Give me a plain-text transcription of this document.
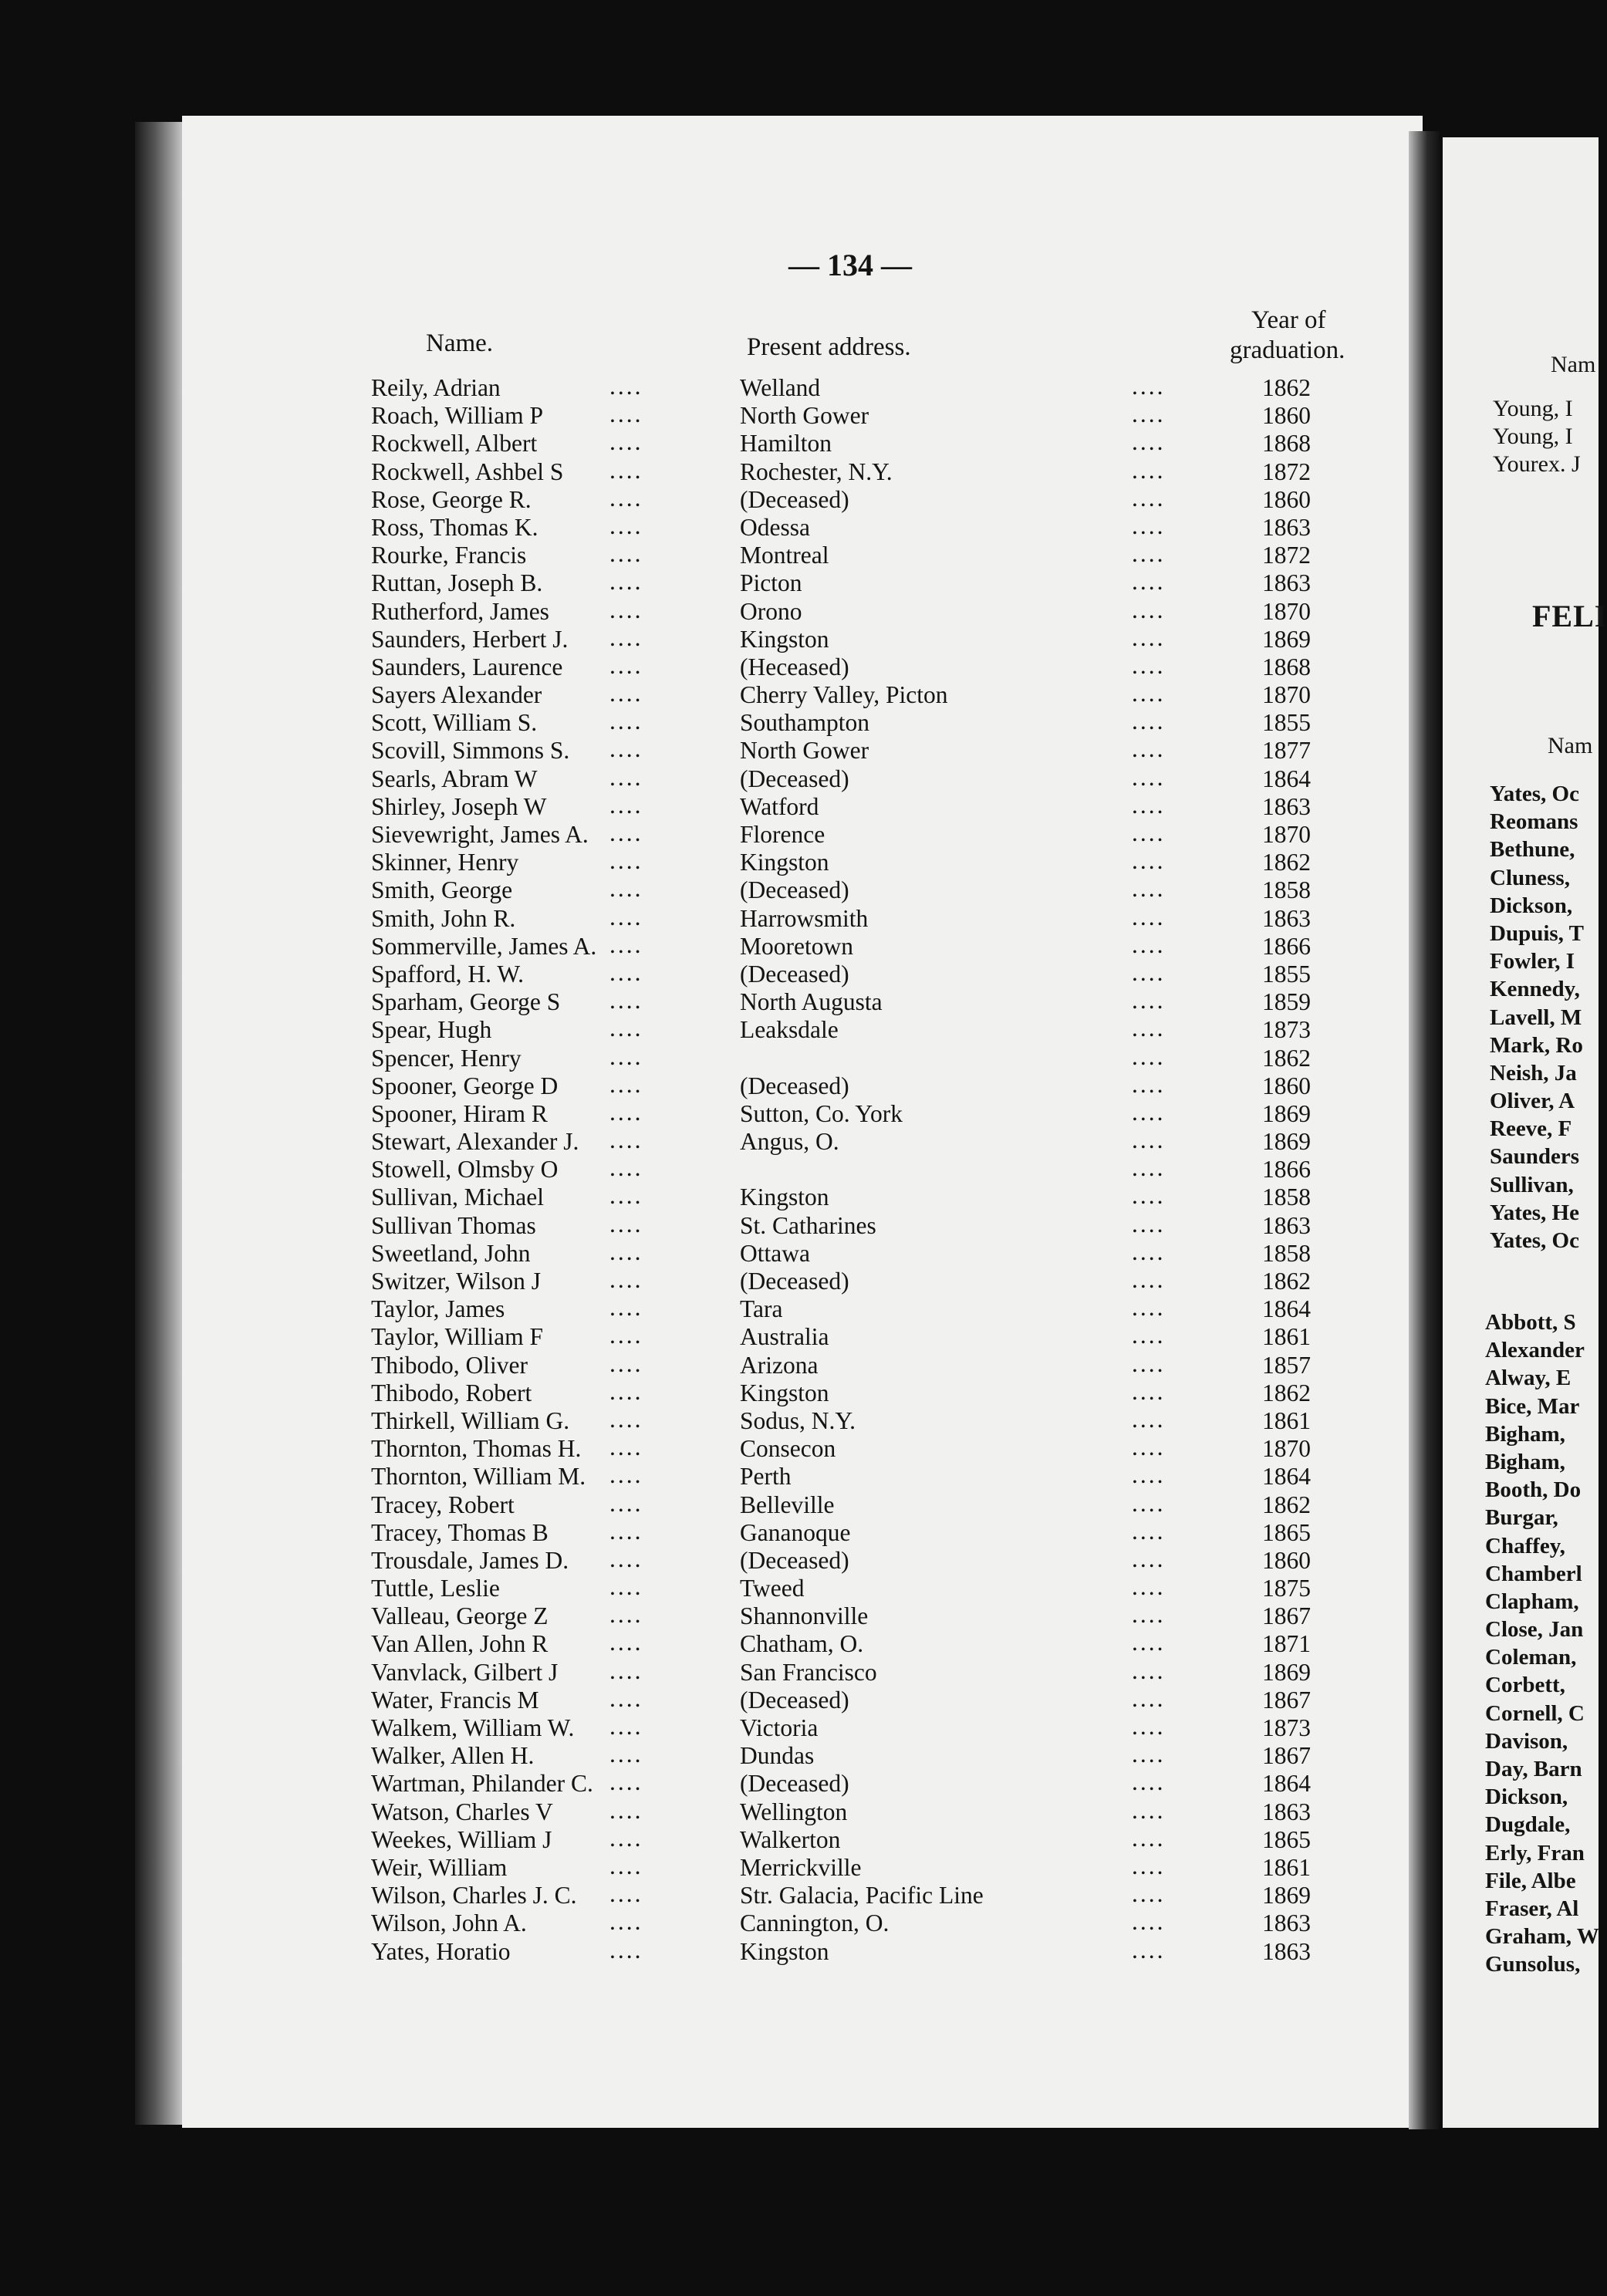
— 134 —
Name.	Present address.
Year of
graduation.
Reily, Adrian	....	Welland	....	1862
Roach, William P	....	North Gower	....	1860
Rockwell, Albert	....	Hamilton	....	1868
Rockwell, Ashbel S ....	Rochester, N.Y.	....	1872
Rose, George R.	....	(Deceased)	....	1860
Ross, Thomas K.	....	Odessa	....	1863
Rourke, Francis	....	Montreal	....	1872
Ruttan, Joseph B.	....	Picton	....	1863
Rutherford, James	....	Orono	....	1870
Saunders, Herbert J. ....	Kingston	....	1869
Saunders, Laurence ....	(Heceased)	....	1868
Sayers Alexander	....	Cherry Valley, Picton	....	1870
Scott, William S.	....	Southampton	....	1855
Scovill, Simmons S. ....	North Gower	....	1877
Searls, Abram W	....	(Deceased)	....	1864
Shirley, Joseph W	....	Watford	....	1863
Sievewright, James A. ....	Florence	....	1870
Skinner, Henry	....	Kingston	....	1862
Smith, George	....	(Deceased)	....	1858
Smith, John R.	....	Harrowsmith	....	1863
Sommerville, James A. ....	Mooretown	....	1866
Spafford, H. W.	....	(Deceased)	....	1855
Sparham, George S ....	North Augusta	....	1859
Spear, Hugh	....	Leaksdale	....	1873
Spencer, Henry	....	....	1862
Spooner, George D ....	(Deceased)	....	1860
Spooner, Hiram R	....	Sutton, Co. York	....	1869
Stewart, Alexander J. ....	Angus, O.	....	1869
Stowell, Olmsby O ....	....	1866
Sullivan, Michael	....	Kingston	....	1858
Sullivan Thomas	....	St. Catharines	....	1863
Sweetland, John	....	Ottawa	....	1858
Switzer, Wilson J	....	(Deceased)	....	1862
Taylor, James	....	Tara	....	1864
Taylor, William F	....	Australia	....	1861
Thibodo, Oliver	....	Arizona	....	1857
Thibodo, Robert	....	Kingston	....	1862
Thirkell, William G. ....	Sodus, N.Y.	....	1861
Thornton, Thomas H. ....	Consecon	....	1870
Thornton, William M. ....	Perth	....	1864
Tracey, Robert	....	Belleville	....	1862
Tracey, Thomas B	....	Gananoque	....	1865
Trousdale, James D. ....	(Deceased)	....	1860
Tuttle, Leslie	....	Tweed	....	1875
Valleau, George Z	....	Shannonville	....	1867
Van Allen, John R	....	Chatham, O.	....	1871
Vanvlack, Gilbert J ....	San Francisco	....	1869
Water, Francis M	....	(Deceased)	....	1867
Walkem, William W. ....	Victoria	....	1873
Walker, Allen H.	....	Dundas	....	1867
Wartman, Philander C. ....	(Deceased)	....	1864
Watson, Charles V	....	Wellington	....	1863
Weekes, William J	....	Walkerton	....	1865
Weir, William	....	Merrickville	....	1861
Wilson, Charles J. C. ....	Str. Galacia, Pacific Line	....	1869
Wilson, John A.	....	Cannington, O.	....	1863
Yates, Horatio	....	Kingston	....	1863
Nam
Young, I
Young, I
Yourex. J
FELI
Nam
Yates, Oc
Reomans
Bethune,
Cluness,
Dickson,
Dupuis, T
Fowler, I
Kennedy,
Lavell, M
Mark, Ro
Neish, Ja
Oliver, A
Reeve, F
Saunders
Sullivan,
Yates, He
Yates, Oc
Abbott, S
Alexander
Alway, E
Bice, Mar
Bigham,
Bigham,
Booth, Do
Burgar,
Chaffey,
Chamberl
Clapham,
Close, Jan
Coleman,
Corbett,
Cornell, C
Davison,
Day, Barn
Dickson,
Dugdale,
Erly, Fran
File, Albe
Fraser, Al
Graham, W
Gunsolus,
